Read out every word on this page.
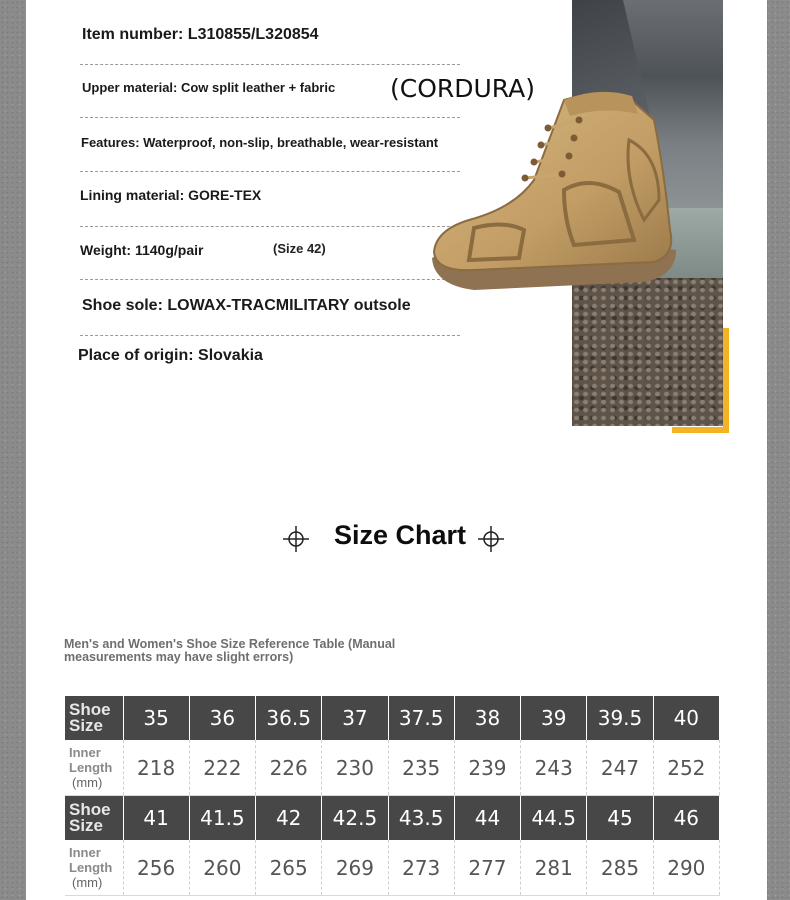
Item number: L310855/L320854
Upper material: Cow split leather + fabric (CORDURA)
Features: Waterproof, non-slip, breathable, wear-resistant
Lining material: GORE-TEX
Weight: 1140g/pair	(Size 42)
Shoe sole: LOWAX-TRACMILITARY outsole
Place of origin: Slovakia
Size Chart
Men's and Women's Shoe Size Reference Table (Manual measurements may have slight errors)
Shoe Size	35	36	36.5	37	37.5	38	39	39.5	40
Inner Length
(mm)	218	222	226	230	235	239	243	247	252
Shoe Size	41	41.5	42	42.5	43.5	44	44.5	45	46
Inner Length
(mm)	256	260	265	269	273	277	281	285	290
